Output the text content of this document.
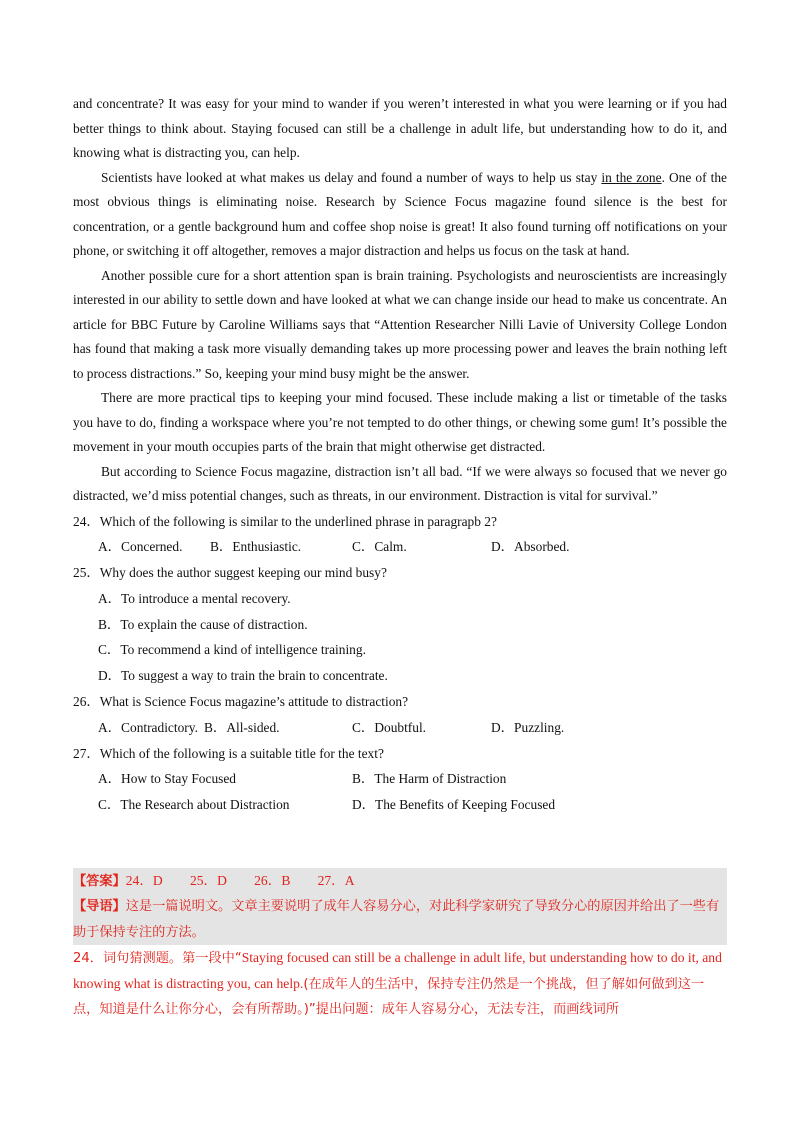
and concentrate? It was easy for your mind to wander if you weren’t interested in what you were learning or if you had better things to think about. Staying focused can still be a challenge in adult life, but understanding how to do it, and knowing what is distracting you, can help.

Scientists have looked at what makes us delay and found a number of ways to help us stay in the zone. One of the most obvious things is eliminating noise. Research by Science Focus magazine found silence is the best for concentration, or a gentle background hum and coffee shop noise is great! It also found turning off notifications on your phone, or switching it off altogether, removes a major distraction and helps us focus on the task at hand.

Another possible cure for a short attention span is brain training. Psychologists and neuroscientists are increasingly interested in our ability to settle down and have looked at what we can change inside our head to make us concentrate. An article for BBC Future by Caroline Williams says that “Attention Researcher Nilli Lavie of University College London has found that making a task more visually demanding takes up more processing power and leaves the brain nothing left to process distractions.” So, keeping your mind busy might be the answer.

There are more practical tips to keeping your mind focused. These include making a list or timetable of the tasks you have to do, finding a workspace where you’re not tempted to do other things, or chewing some gum! It’s possible the movement in your mouth occupies parts of the brain that might otherwise get distracted.

But according to Science Focus magazine, distraction isn’t all bad. “If we were always so focused that we never go distracted, we’d miss potential changes, such as threats, in our environment. Distraction is vital for survival.”

24．Which of the following is similar to the underlined phrase in paragrapb 2?

A．Concerned. B．Enthusiastic.	C．Calm.	D．Absorbed.

25．Why does the author suggest keeping our mind busy?

A．To introduce a mental recovery.

B．To explain the cause of distraction.

C．To recommend a kind of intelligence training.

D．To suggest a way to train the brain to concentrate.

26．What is Science Focus magazine’s attitude to distraction?

A．Contradictory. B．All-sided.	C．Doubtful.	D．Puzzling.

27．Which of the following is a suitable title for the text?

A．How to Stay Focused	B．The Harm of Distraction
C．The Research about Distraction	D．The Benefits of Keeping Focused

【答案】24．D　　25．D　　26．B　　27．A

【导语】这是一篇说明文。文章主要说明了成年人容易分心，对此科学家研究了导致分心的原因并给出了一些有助于保持专注的方法。

24．词句猜测题。第一段中“Staying focused can still be a challenge in adult life, but understanding how to do it, and knowing what is distracting you, can help.(在成年人的生活中，保持专注仍然是一个挑战，但了解如何做到这一点，知道是什么让你分心，会有所帮助。)”提出问题：成年人容易分心，无法专注，而画线词所
